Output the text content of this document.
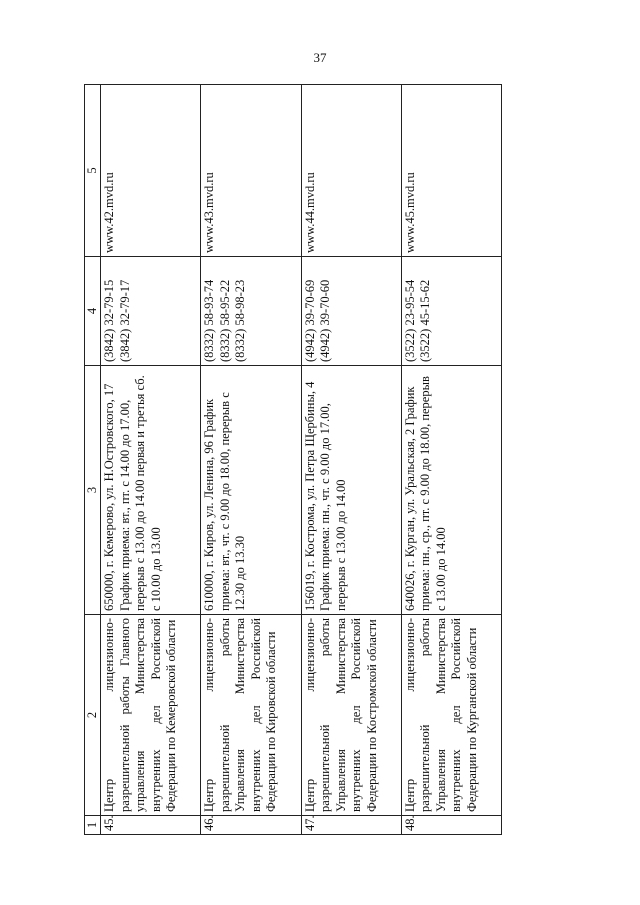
37
1	2	3	4	5
45.	Центр лицензионно-разрешительной работы Главного управления Министерства внутренних дел Российской Федерации по Кемеровской области	650000, г. Кемерово, ул. Н.Островского, 17 График приема: вт., пт. с 14.00 до 17.00, перерыв с 13.00 до 14.00 первая и третья сб. с 10.00 до 13.00	(3842) 32-79-15
(3842) 32-79-17	www.42.mvd.ru
46.	Центр лицензионно-разрешительной работы Управления Министерства внутренних дел Российской Федерации по Кировской области	610000, г. Киров, ул. Ленина, 96 График приема: вт., чт. с 9.00 до 18.00, перерыв с 12.30 до 13.30	(8332) 58-93-74
(8332) 58-95-22
(8332) 58-98-23	www.43.mvd.ru
47.	Центр лицензионно-разрешительной работы Управления Министерства внутренних дел Российской Федерации по Костромской области	156019, г. Кострома, ул. Петра Щербины, 4 График приема: пн., чт. с 9.00 до 17.00, перерыв с 13.00 до 14.00	(4942) 39-70-69
(4942) 39-70-60	www.44.mvd.ru
48.	Центр лицензионно-разрешительной работы Управления Министерства внутренних дел Российской Федерации по Курганской области	640026, г. Курган, ул. Уральская, 2 График приема: пн., ср., пт. с 9.00 до 18.00, перерыв с 13.00 до 14.00	(3522) 23-95-54
(3522) 45-15-62	www.45.mvd.ru
